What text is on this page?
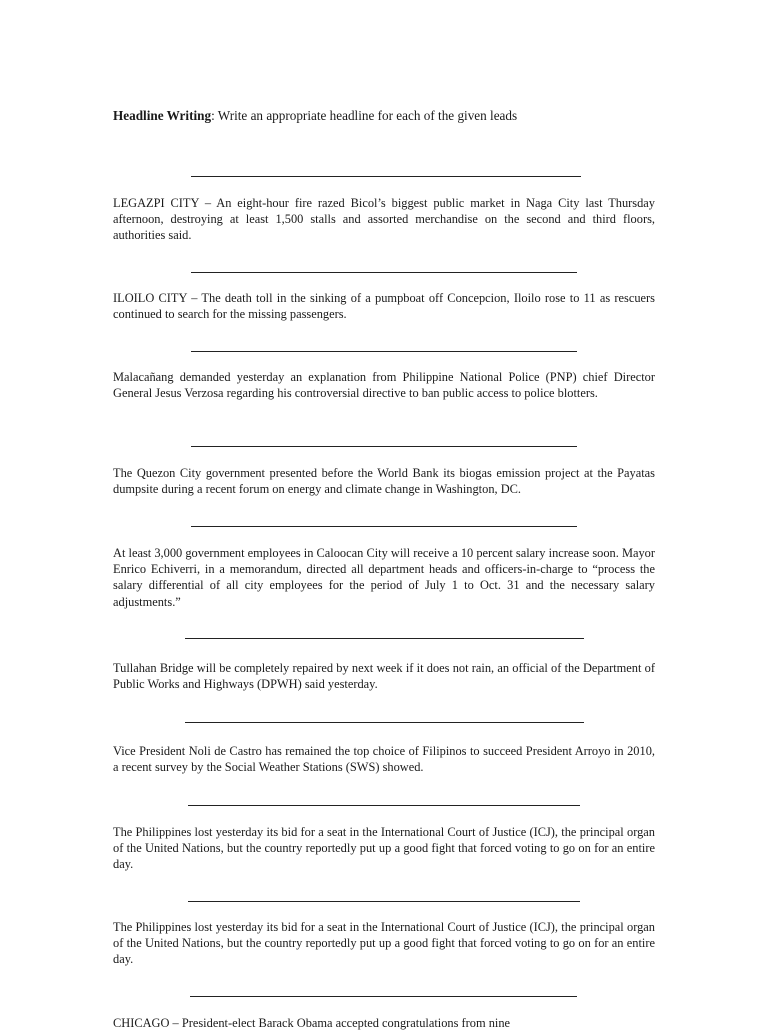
Headline Writing: Write an appropriate headline for each of the given leads

LEGAZPI CITY – An eight-hour fire razed Bicol’s biggest public market in Naga City last Thursday afternoon, destroying at least 1,500 stalls and assorted merchandise on the second and third floors, authorities said.

ILOILO CITY – The death toll in the sinking of a pumpboat off Concepcion, Iloilo rose to 11 as rescuers continued to search for the missing passengers.

Malacañang demanded yesterday an explanation from Philippine National Police (PNP) chief Director General Jesus Verzosa regarding his controversial directive to ban public access to police blotters.

The Quezon City government presented before the World Bank its biogas emission project at the Payatas dumpsite during a recent forum on energy and climate change in Washington, DC.

At least 3,000 government employees in Caloocan City will receive a 10 percent salary increase soon. Mayor Enrico Echiverri, in a memorandum, directed all department heads and officers-in-charge to “process the salary differential of all city employees for the period of July 1 to Oct. 31 and the necessary salary adjustments.”

Tullahan Bridge will be completely repaired by next week if it does not rain, an official of the Department of Public Works and Highways (DPWH) said yesterday.

Vice President Noli de Castro has remained the top choice of Filipinos to succeed President Arroyo in 2010, a recent survey by the Social Weather Stations (SWS) showed.

The Philippines lost yesterday its bid for a seat in the International Court of Justice (ICJ), the principal organ of the United Nations, but the country reportedly put up a good fight that forced voting to go on for an entire day.

The Philippines lost yesterday its bid for a seat in the International Court of Justice (ICJ), the principal organ of the United Nations, but the country reportedly put up a good fight that forced voting to go on for an entire day.

CHICAGO – President-elect Barack Obama accepted congratulations from nine
